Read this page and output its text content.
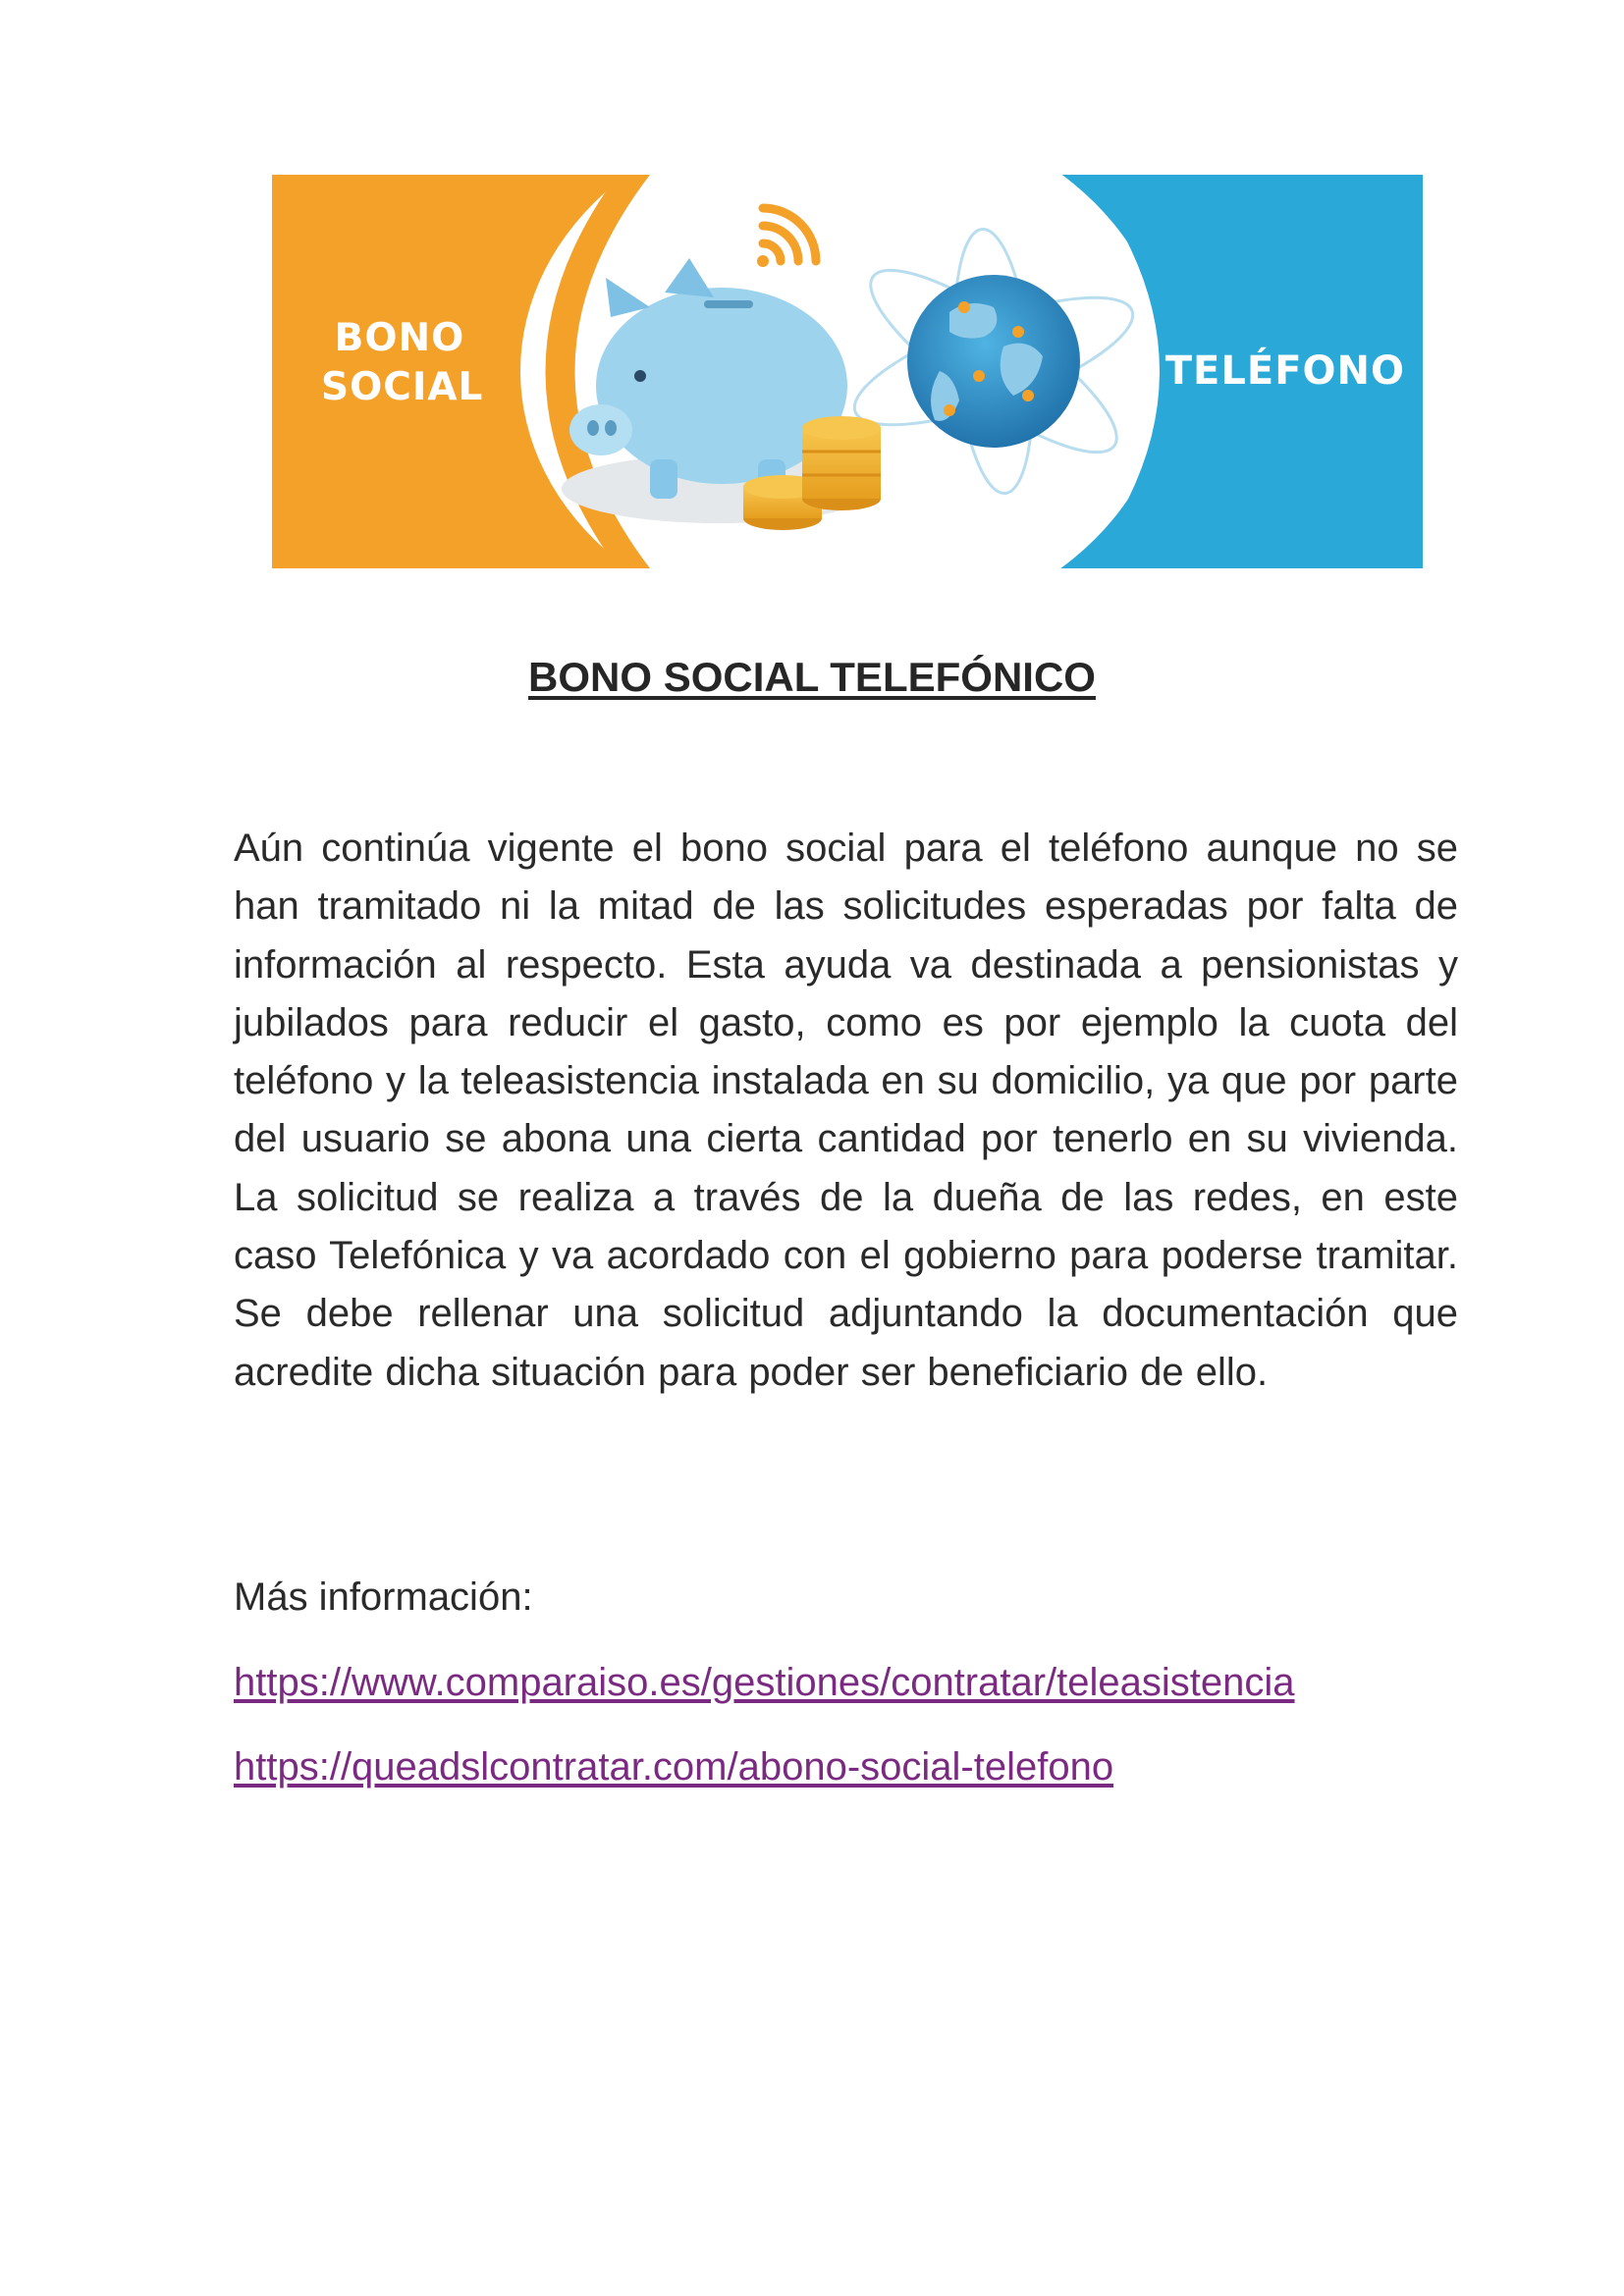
BONO
SOCIAL	TELÉFONO
BONO SOCIAL TELEFÓNICO

Aún continúa vigente el bono social para el teléfono aunque no se han tramitado ni la mitad de las solicitudes esperadas por falta de información al respecto. Esta ayuda va destinada a pensionistas y jubilados para reducir el gasto, como es por ejemplo la cuota del teléfono y la teleasistencia instalada en su domicilio, ya que por parte del usuario se abona una cierta cantidad por tenerlo en su vivienda. La solicitud se realiza a través de la dueña de las redes, en este caso Telefónica y va acordado con el gobierno para poderse tramitar. Se debe rellenar una solicitud adjuntando la documentación que acredite dicha situación para poder ser beneficiario de ello.

Más información:
https://www.comparaiso.es/gestiones/contratar/teleasistencia
https://queadslcontratar.com/abono-social-telefono
